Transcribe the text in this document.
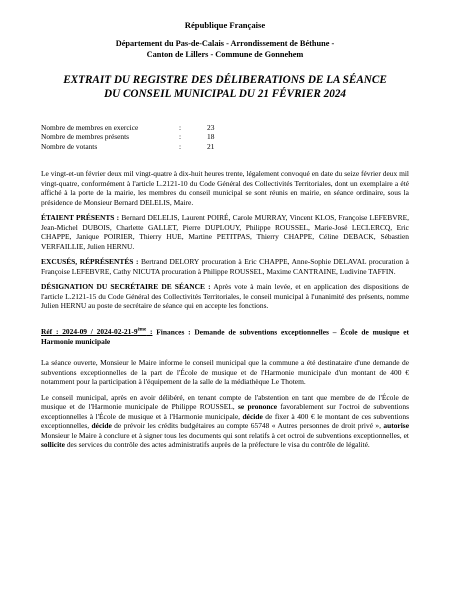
République Française
Département du Pas-de-Calais - Arrondissement de Béthune -
Canton de Lillers - Commune de Gonnehem
EXTRAIT DU REGISTRE DES DÉLIBERATIONS DE LA SÉANCE
DU CONSEIL MUNICIPAL DU 21 FÉVRIER 2024
Nombre de membres en exercice	:	23
Nombre de membres présents	:	18
Nombre de votants	:	21

Le vingt-et-un février deux mil vingt-quatre à dix-huit heures trente, légalement convoqué en date du seize février deux mil vingt-quatre, conformément à l'article L.2121-10 du Code Général des Collectivités Territoriales, dont un exemplaire a été affiché à la porte de la mairie, les membres du conseil municipal se sont réunis en mairie, en séance ordinaire, sous la présidence de Monsieur Bernard DELELIS, Maire.

ÉTAIENT PRÉSENTS : Bernard DELELIS, Laurent POIRÉ, Carole MURRAY, Vincent KLOS, Françoise LEFEBVRE, Jean-Michel DUBOIS, Charlette GALLET, Pierre DUPLOUY, Philippe ROUSSEL, Marie-José LECLERCQ, Eric CHAPPE, Janique POIRIER, Thierry HUE, Martine PETITPAS, Thierry CHAPPE, Céline DEBACK, Sébastien VERFAILLIE, Julien HERNU.

EXCUSÉS, RÉPRÉSENTÉS : Bertrand DELORY procuration à Eric CHAPPE, Anne-Sophie DELAVAL procuration à Françoise LEFEBVRE, Cathy NICUTA procuration à Philippe ROUSSEL, Maxime CANTRAINE, Ludivine TAFFIN.

DÉSIGNATION DU SECRÉTAIRE DE SÉANCE : Après vote à main levée, et en application des dispositions de l'article L.2121-15 du Code Général des Collectivités Territoriales, le conseil municipal à l'unanimité des présents, nomme Julien HERNU au poste de secrétaire de séance qui en accepte les fonctions.

Réf : 2024-09 / 2024-02-21-9ème : Finances : Demande de subventions exceptionnelles – École de musique et Harmonie municipale

La séance ouverte, Monsieur le Maire informe le conseil municipal que la commune a été destinataire d'une demande de subventions exceptionnelles de la part de l'École de musique et de l'Harmonie municipale d'un montant de 400 € notamment pour la participation à l'équipement de la salle de la médiathèque Le Thotem.

Le conseil municipal, après en avoir délibéré, en tenant compte de l'abstention en tant que membre de de l'École de musique et de l'Harmonie municipale de Philippe ROUSSEL, se prononce favorablement sur l'octroi de subventions exceptionnelles à l'École de musique et à l'Harmonie municipale, décide de fixer à 400 € le montant de ces subventions exceptionnelles, décide de prévoir les crédits budgétaires au compte 65748 « Autres personnes de droit privé », autorise Monsieur le Maire à conclure et à signer tous les documents qui sont relatifs à cet octroi de subventions exceptionnelles, et sollicite des services du contrôle des actes administratifs auprès de la préfecture le visa du contrôle de légalité.
